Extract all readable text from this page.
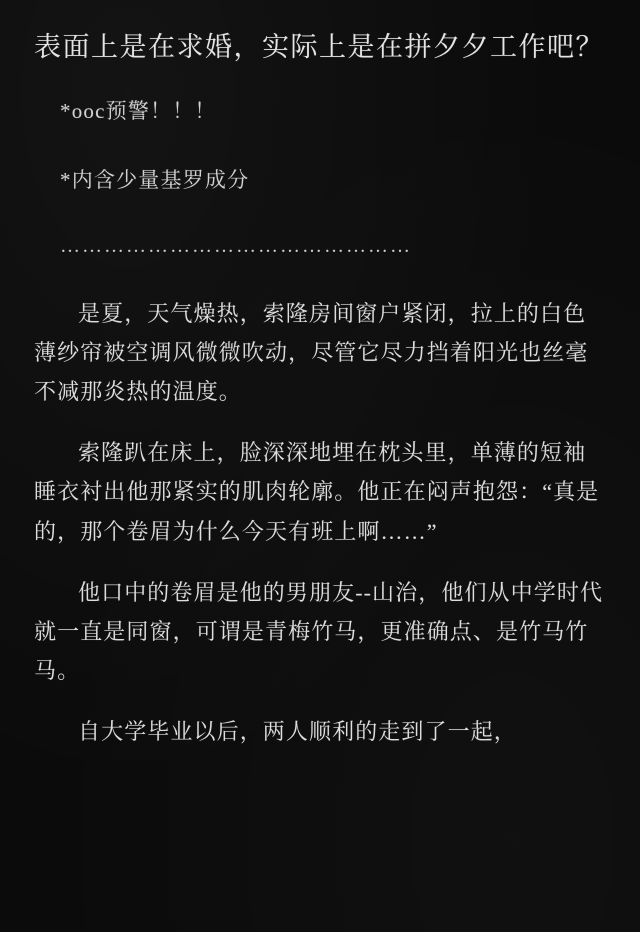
表面上是在求婚，实际上是在拼夕夕工作吧？

*ooc预警！！！

*内含少量基罗成分

…………………………………………

是夏，天气燥热，索隆房间窗户紧闭，拉上的白色薄纱帘被空调风微微吹动，尽管它尽力挡着阳光也丝毫不减那炎热的温度。

索隆趴在床上，脸深深地埋在枕头里，单薄的短袖睡衣衬出他那紧实的肌肉轮廓。他正在闷声抱怨：“真是的，那个卷眉为什么今天有班上啊……”

他口中的卷眉是他的男朋友--山治，他们从中学时代就一直是同窗，可谓是青梅竹马，更准确点、是竹马竹马。

自大学毕业以后，两人顺利的走到了一起，
